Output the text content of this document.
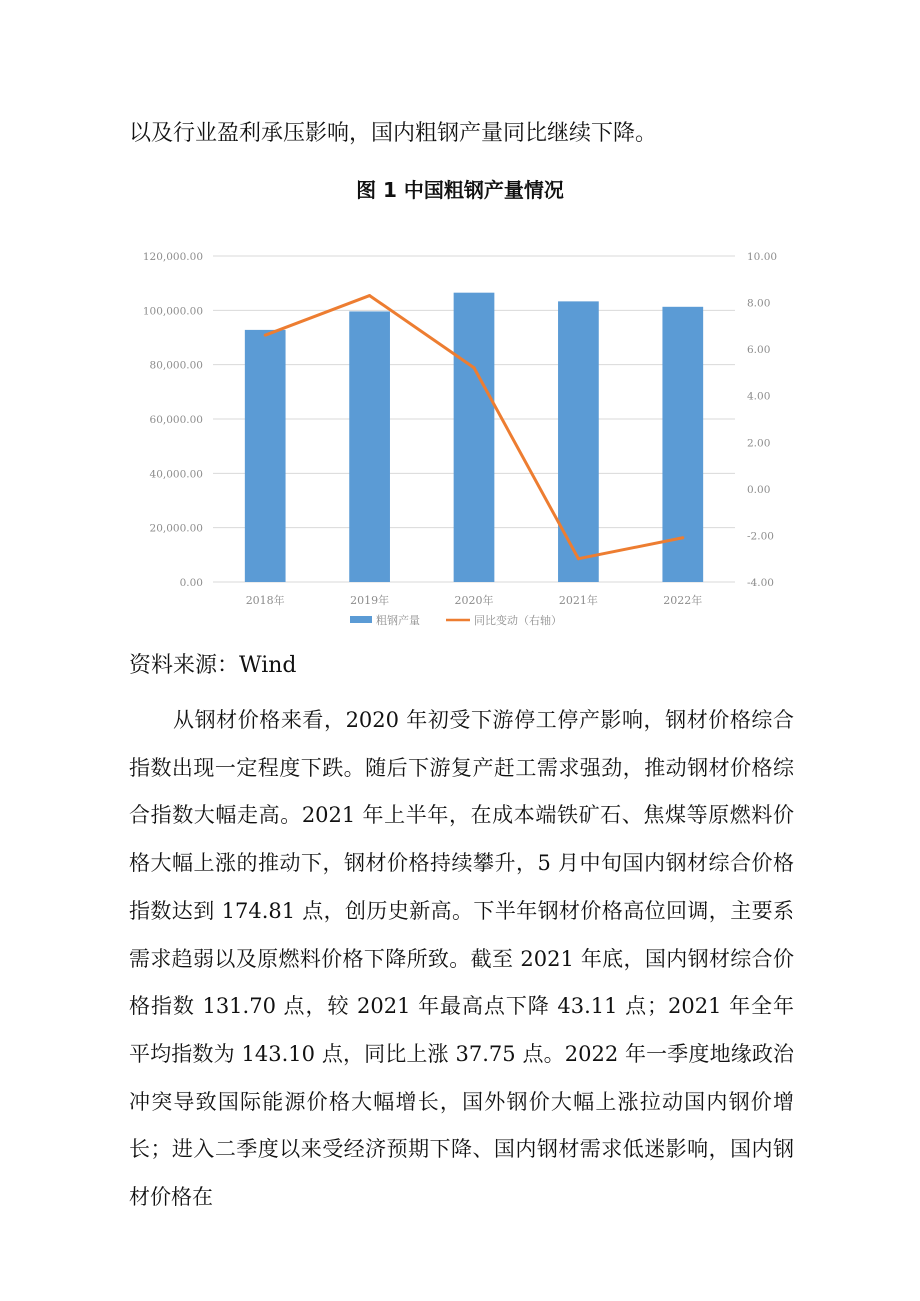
以及行业盈利承压影响，国内粗钢产量同比继续下降。
图 1 中国粗钢产量情况
0.00
20,000.00
40,000.00
60,000.00
80,000.00
100,000.00
120,000.00
-4.00
-2.00
0.00
2.00
4.00
6.00
8.00
10.00
2018年	2019年	2020年	2021年	2022年
粗钢产量	同比变动（右轴）
资料来源：Wind
从钢材价格来看，2020 年初受下游停工停产影响，钢材价格综合指数出现一定程度下跌。随后下游复产赶工需求强劲，推动钢材价格综合指数大幅走高。2021 年上半年，在成本端铁矿石、焦煤等原燃料价格大幅上涨的推动下，钢材价格持续攀升，5 月中旬国内钢材综合价格指数达到 174.81 点，创历史新高。下半年钢材价格高位回调，主要系需求趋弱以及原燃料价格下降所致。截至 2021 年底，国内钢材综合价格指数 131.70 点，较 2021 年最高点下降 43.11 点；2021 年全年平均指数为 143.10 点，同比上涨 37.75 点。2022 年一季度地缘政治冲突导致国际能源价格大幅增长，国外钢价大幅上涨拉动国内钢价增长；进入二季度以来受经济预期下降、国内钢材需求低迷影响，国内钢材价格在
